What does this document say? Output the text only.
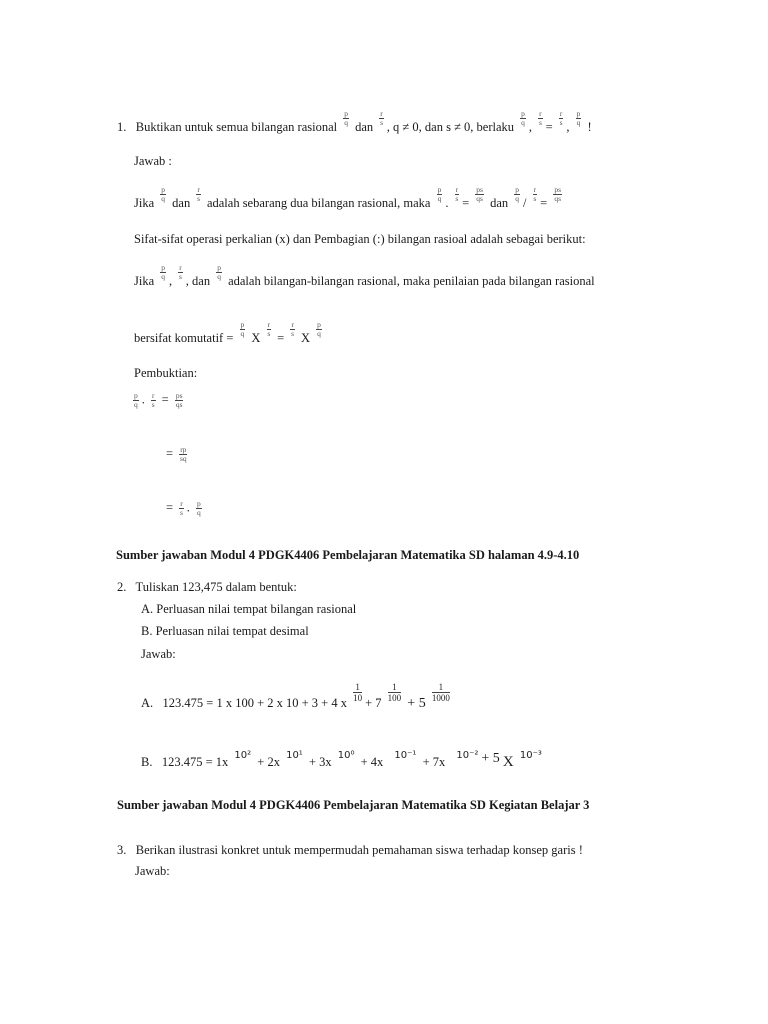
1. Buktikan untuk semua bilangan rasional $\frac{p}{q}$ dan $\frac{r}{s}$ , q ≠ 0, dan s ≠ 0, berlaku $\frac{p}{q}$ , $\frac{r}{s} = \frac{r}{s}$ , $\frac{p}{q}$ !
Jawab :
Jika $\frac{p}{q}$ dan $\frac{r}{s}$ adalah sebarang dua bilangan rasional, maka $\frac{p}{q}$ . $\frac{r}{s} = \frac{ps}{qs}$ dan $\frac{p}{q} / \frac{r}{s} = \frac{ps}{qs}$
Sifat-sifat operasi perkalian (x) dan Pembagian (:) bilangan rasioal adalah sebagai berikut:
Jika $\frac{p}{q}$ , $\frac{r}{s}$ , dan $\frac{p}{q}$ adalah bilangan-bilangan rasional, maka penilaian pada bilangan rasional
bersifat komutatif = $\frac{p}{q}$ X $\frac{r}{s} = \frac{r}{s}$ X $\frac{p}{q}$
Pembuktian:
$\frac{p}{q}$ . $\frac{r}{s} = \frac{ps}{qs}$
= $\frac{rp}{sq}$
= $\frac{r}{s}$ . $\frac{p}{q}$
Sumber jawaban Modul 4 PDGK4406 Pembelajaran Matematika SD halaman 4.9-4.10
2. Tuliskan 123,475 dalam bentuk:
A. Perluasan nilai tempat bilangan rasional
B. Perluasan nilai tempat desimal
Jawab:
A. 123.475 = 1 x 100 + 2 x 10 + 3 + 4 x $\frac{1}{10} + 7 \frac{1}{100}$
+ 5
$\frac{1}{1000}$
B. 123.475 = 1x $^{10^2}$ + 2x $^{10^1}$ + 3x $^{10^0}$ + 4x $^{10^{-1}}$ + 7x $^{10^{-2}}$ + 5 X $^{10^{-3}}$
Sumber jawaban Modul 4 PDGK4406 Pembelajaran Matematika SD Kegiatan Belajar 3
3. Berikan ilustrasi konkret untuk mempermudah pemahaman siswa terhadap konsep garis !
Jawab:
